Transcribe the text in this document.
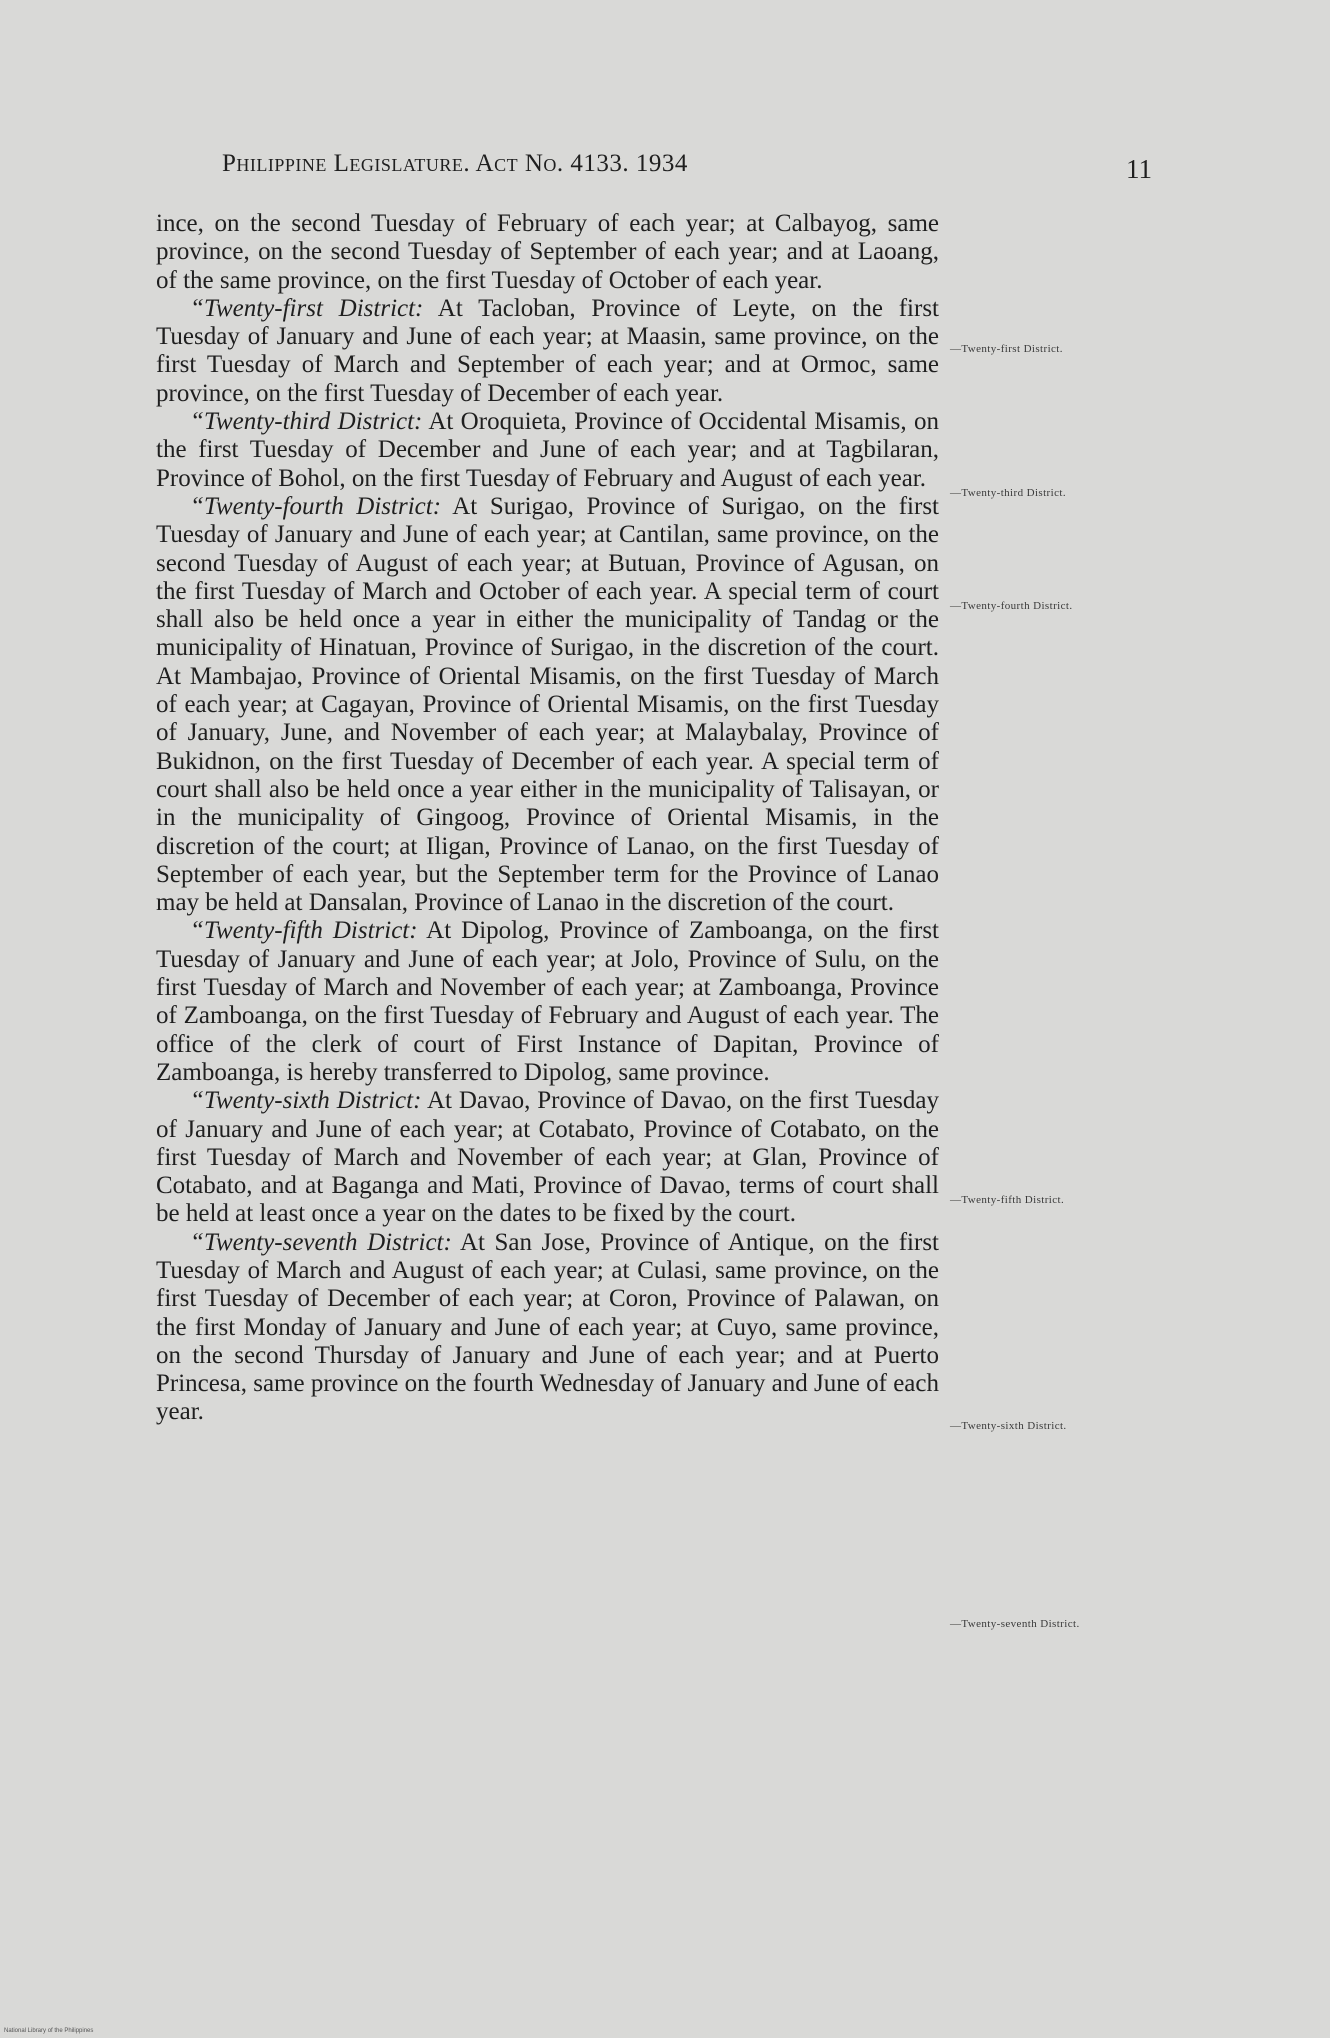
Philippine Legislature. Act No. 4133. 1934	11

ince, on the second Tuesday of February of each year; at Calbayog, same province, on the second Tuesday of September of each year; and at Laoang, of the same province, on the first Tuesday of October of each year.

“Twenty-first District: At Tacloban, Province of Leyte, on the first Tuesday of January and June of each year; at Maasin, same province, on the first Tuesday of March and September of each year; and at Ormoc, same province, on the first Tuesday of December of each year.

“Twenty-third District: At Oroquieta, Province of Occidental Misamis, on the first Tuesday of December and June of each year; and at Tagbilaran, Province of Bohol, on the first Tuesday of February and August of each year.

“Twenty-fourth District: At Surigao, Province of Surigao, on the first Tuesday of January and June of each year; at Cantilan, same province, on the second Tuesday of August of each year; at Butuan, Province of Agusan, on the first Tuesday of March and October of each year. A special term of court shall also be held once a year in either the municipality of Tandag or the municipality of Hinatuan, Province of Surigao, in the discretion of the court. At Mambajao, Province of Oriental Misamis, on the first Tuesday of March of each year; at Cagayan, Province of Oriental Misamis, on the first Tuesday of January, June, and November of each year; at Malaybalay, Province of Bukidnon, on the first Tuesday of December of each year. A special term of court shall also be held once a year either in the municipality of Talisayan, or in the municipality of Gingoog, Province of Oriental Misamis, in the discretion of the court; at Iligan, Province of Lanao, on the first Tuesday of September of each year, but the September term for the Province of Lanao may be held at Dansalan, Province of Lanao in the discretion of the court.

“Twenty-fifth District: At Dipolog, Province of Zamboanga, on the first Tuesday of January and June of each year; at Jolo, Province of Sulu, on the first Tuesday of March and November of each year; at Zamboanga, Province of Zamboanga, on the first Tuesday of February and August of each year. The office of the clerk of court of First Instance of Dapitan, Province of Zamboanga, is hereby transferred to Dipolog, same province.

“Twenty-sixth District: At Davao, Province of Davao, on the first Tuesday of January and June of each year; at Cotabato, Province of Cotabato, on the first Tuesday of March and November of each year; at Glan, Province of Cotabato, and at Baganga and Mati, Province of Davao, terms of court shall be held at least once a year on the dates to be fixed by the court.

“Twenty-seventh District: At San Jose, Province of Antique, on the first Tuesday of March and August of each year; at Culasi, same province, on the first Tuesday of December of each year; at Coron, Province of Palawan, on the first Monday of January and June of each year; at Cuyo, same province, on the second Thursday of January and June of each year; and at Puerto Princesa, same province on the fourth Wednesday of January and June of each year.

—Twenty-first District.
—Twenty-third District.
—Twenty-fourth District.
—Twenty-fifth District.
—Twenty-sixth District.
—Twenty-seventh District.
National Library of the Philippines
